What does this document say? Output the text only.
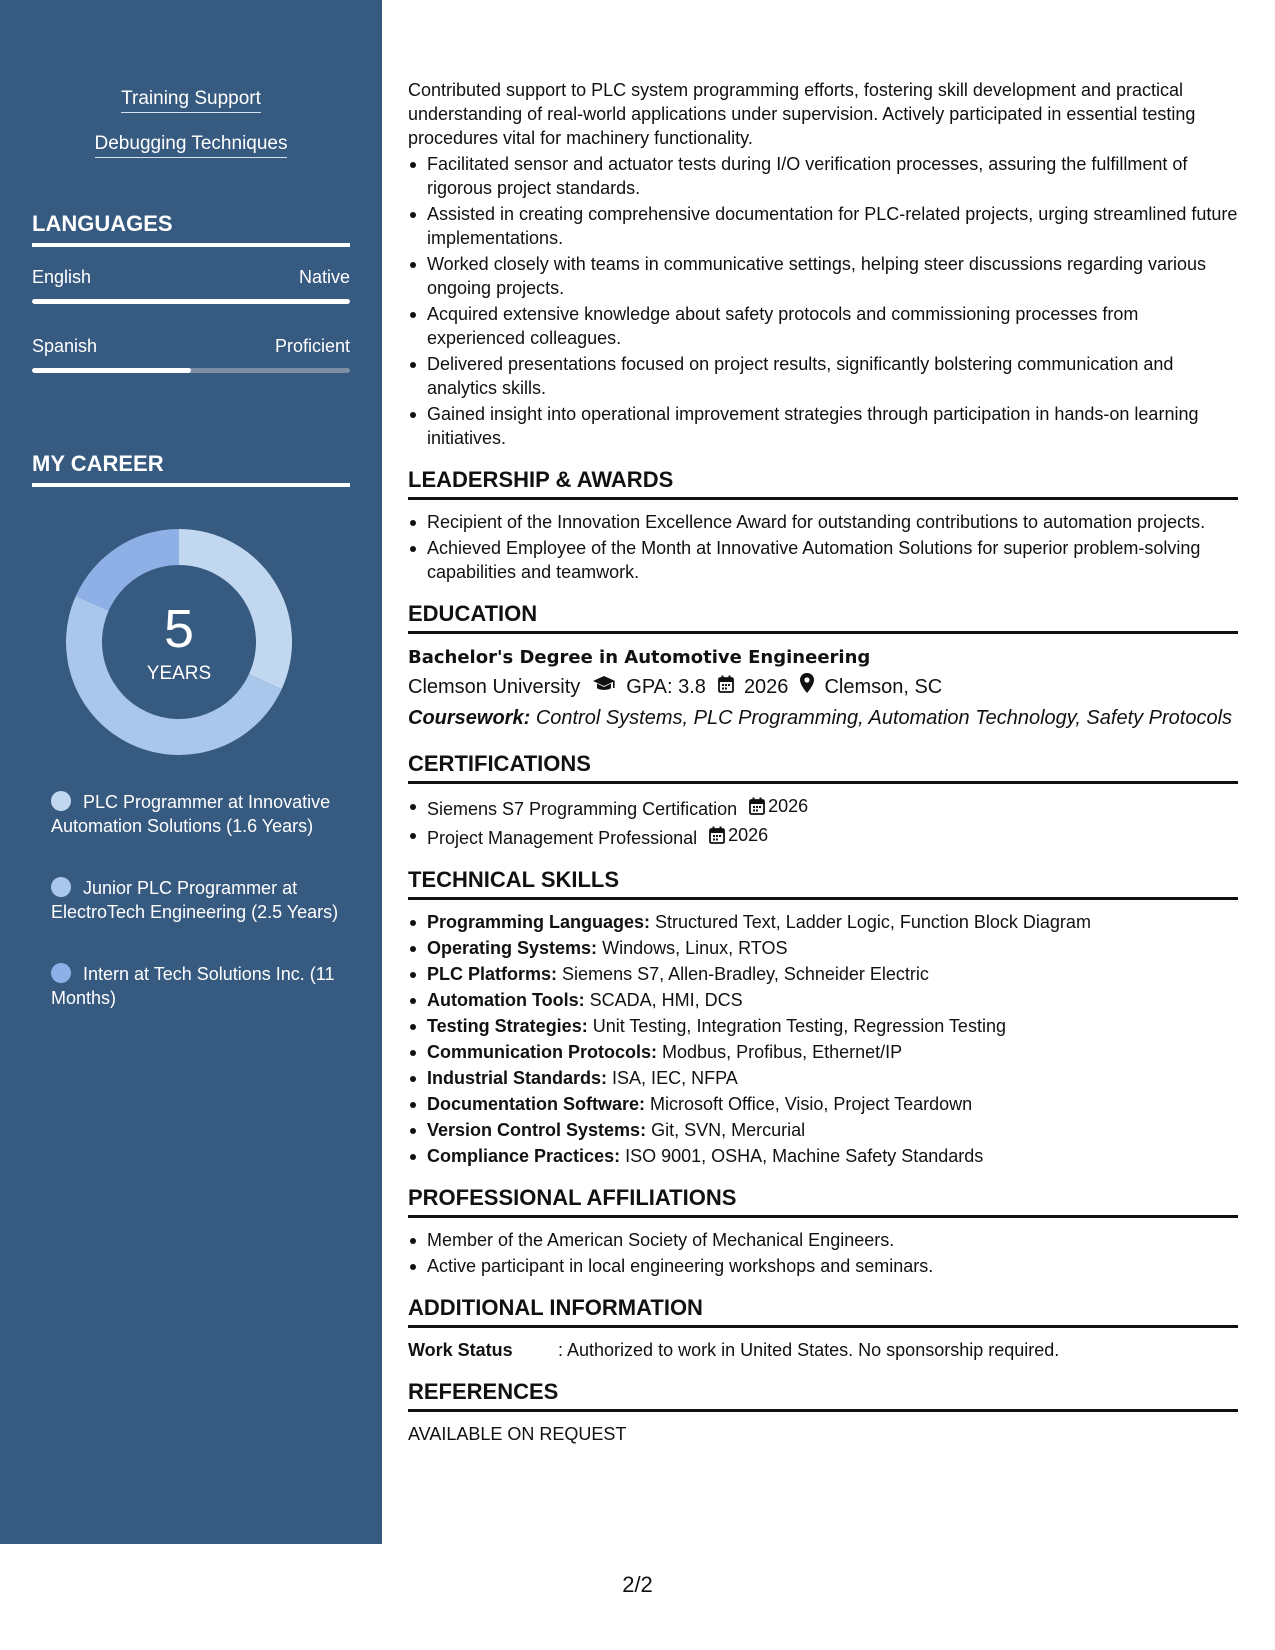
Training Support
Debugging Techniques
LANGUAGES
English	Native
Spanish	Proficient
MY CAREER
5
YEARS
PLC Programmer at Innovative Automation Solutions (1.6 Years)
Junior PLC Programmer at ElectroTech Engineering (2.5 Years)
Intern at Tech Solutions Inc. (11 Months)

Contributed support to PLC system programming efforts, fostering skill development and practical understanding of real-world applications under supervision. Actively participated in essential testing procedures vital for machinery functionality.

Facilitated sensor and actuator tests during I/O verification processes, assuring the fulfillment of rigorous project standards.
Assisted in creating comprehensive documentation for PLC-related projects, urging streamlined future implementations.
Worked closely with teams in communicative settings, helping steer discussions regarding various ongoing projects.
Acquired extensive knowledge about safety protocols and commissioning processes from experienced colleagues.
Delivered presentations focused on project results, significantly bolstering communication and analytics skills.
Gained insight into operational improvement strategies through participation in hands-on learning initiatives.
LEADERSHIP & AWARDS
Recipient of the Innovation Excellence Award for outstanding contributions to automation projects.
Achieved Employee of the Month at Innovative Automation Solutions for superior problem-solving capabilities and teamwork.
EDUCATION
Bachelor's Degree in Automotive Engineering
Clemson University GPA: 3.8 2026 Clemson, SC
Coursework: Control Systems, PLC Programming, Automation Technology, Safety Protocols
CERTIFICATIONS
Siemens S7 Programming Certification 2026
Project Management Professional 2026
TECHNICAL SKILLS
Programming Languages: Structured Text, Ladder Logic, Function Block Diagram
Operating Systems: Windows, Linux, RTOS
PLC Platforms: Siemens S7, Allen-Bradley, Schneider Electric
Automation Tools: SCADA, HMI, DCS
Testing Strategies: Unit Testing, Integration Testing, Regression Testing
Communication Protocols: Modbus, Profibus, Ethernet/IP
Industrial Standards: ISA, IEC, NFPA
Documentation Software: Microsoft Office, Visio, Project Teardown
Version Control Systems: Git, SVN, Mercurial
Compliance Practices: ISO 9001, OSHA, Machine Safety Standards
PROFESSIONAL AFFILIATIONS
Member of the American Society of Mechanical Engineers.
Active participant in local engineering workshops and seminars.
ADDITIONAL INFORMATION
Work Status	: Authorized to work in United States. No sponsorship required.
REFERENCES
AVAILABLE ON REQUEST
2/2
